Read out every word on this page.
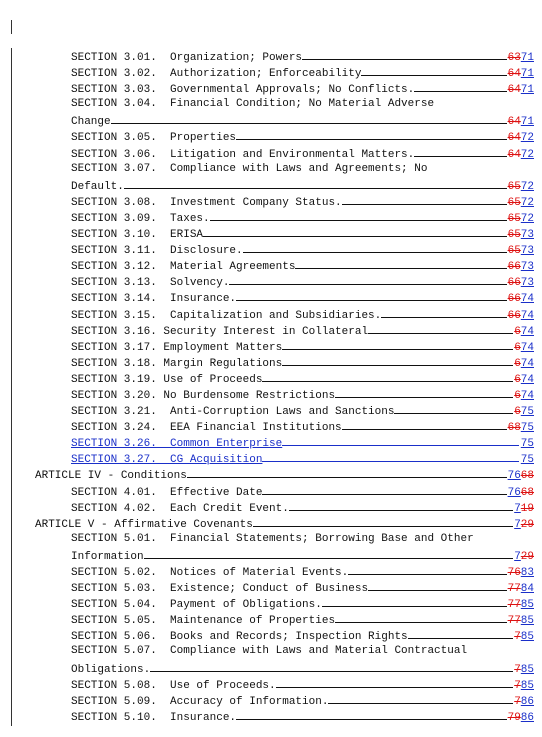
SECTION 3.01.  Organization; Powers	6371
SECTION 3.02.  Authorization; Enforceability	6471
SECTION 3.03.  Governmental Approvals; No Conflicts.	6471
SECTION 3.04.  Financial Condition; No Material Adverse
Change	6471
SECTION 3.05.  Properties	6472
SECTION 3.06.  Litigation and Environmental Matters.	6472
SECTION 3.07.  Compliance with Laws and Agreements; No
Default.	6572
SECTION 3.08.  Investment Company Status.	6572
SECTION 3.09.  Taxes.	6572
SECTION 3.10.  ERISA	6573
SECTION 3.11.  Disclosure.	6573
SECTION 3.12.  Material Agreements	6673
SECTION 3.13.  Solvency.	6673
SECTION 3.14.  Insurance.	6674
SECTION 3.15.  Capitalization and Subsidiaries.	6674
SECTION 3.16. Security Interest in Collateral	674
SECTION 3.17. Employment Matters	674
SECTION 3.18. Margin Regulations	674
SECTION 3.19. Use of Proceeds	674
SECTION 3.20. No Burdensome Restrictions	674
SECTION 3.21.  Anti-Corruption Laws and Sanctions	675
SECTION 3.24.  EEA Financial Institutions	6875
SECTION 3.26.  Common Enterprise	75
SECTION 3.27.  CG Acquisition	75
ARTICLE IV - Conditions	7668
SECTION 4.01.  Effective Date	7668
SECTION 4.02.  Each Credit Event.	719
ARTICLE V - Affirmative Covenants	729
SECTION 5.01.  Financial Statements; Borrowing Base and Other
Information	729
SECTION 5.02.  Notices of Material Events.	7683
SECTION 5.03.  Existence; Conduct of Business	7784
SECTION 5.04.  Payment of Obligations.	7785
SECTION 5.05.  Maintenance of Properties	7785
SECTION 5.06.  Books and Records; Inspection Rights	785
SECTION 5.07.  Compliance with Laws and Material Contractual
Obligations.	785
SECTION 5.08.  Use of Proceeds.	785
SECTION 5.09.  Accuracy of Information.	786
SECTION 5.10.  Insurance.	7986
